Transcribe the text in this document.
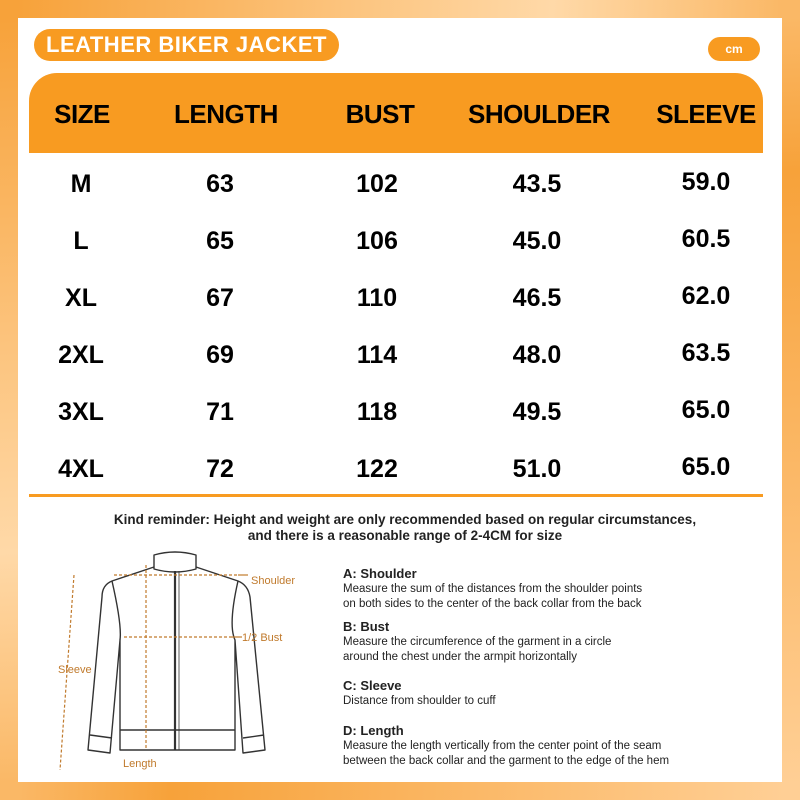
LEATHER BIKER JACKET	cm
SIZE LENGTH	BUST SHOULDER SLEEVE
M	63	102	43.5	59.0
L	65	106	45.0	60.5
XL	67	110	46.5	62.0
2XL	69	114	48.0	63.5
3XL	71	118	49.5	65.0
4XL	72	122	51.0	65.0
Kind reminder: Height and weight are only recommended based on regular circumstances,
and there is a reasonable range of 2-4CM for size
Shoulder
1/2 Bust
Sleeve
Length
A: Shoulder
Measure the sum of the distances from the shoulder points
on both sides to the center of the back collar from the back
B: Bust
Measure the circumference of the garment in a circle
around the chest under the armpit horizontally
C: Sleeve
Distance from shoulder to cuff
D: Length
Measure the length vertically from the center point of the seam
between the back collar and the garment to the edge of the hem
